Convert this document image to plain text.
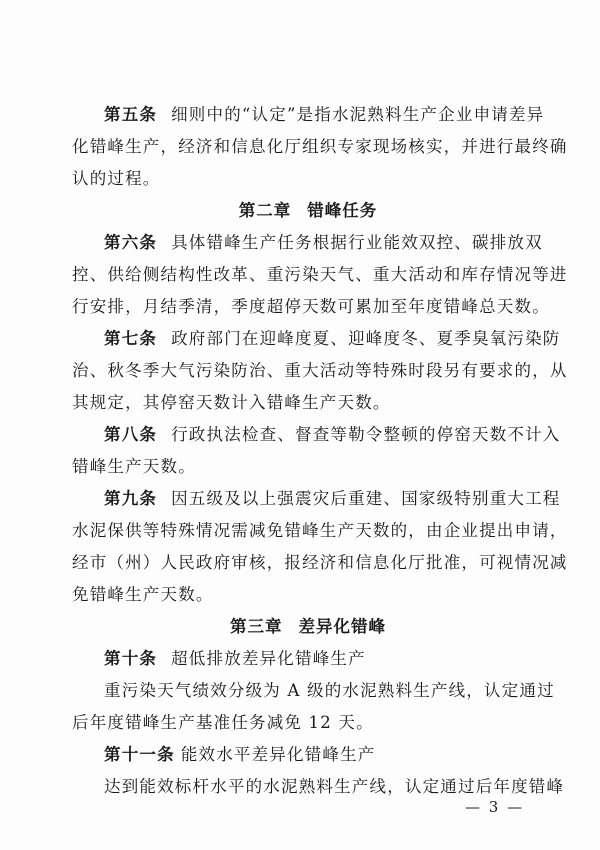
第五条 细则中的“认定”是指水泥熟料生产企业申请差异
化错峰生产，经济和信息化厅组织专家现场核实，并进行最终确
认的过程。
第二章 错峰任务
第六条 具体错峰生产任务根据行业能效双控、碳排放双
控、供给侧结构性改革、重污染天气、重大活动和库存情况等进
行安排，月结季清，季度超停天数可累加至年度错峰总天数。
第七条 政府部门在迎峰度夏、迎峰度冬、夏季臭氧污染防
治、秋冬季大气污染防治、重大活动等特殊时段另有要求的，从
其规定，其停窑天数计入错峰生产天数。
第八条 行政执法检查、督查等勒令整顿的停窑天数不计入
错峰生产天数。
第九条 因五级及以上强震灾后重建、国家级特别重大工程
水泥保供等特殊情况需减免错峰生产天数的，由企业提出申请，
经市（州）人民政府审核，报经济和信息化厅批准，可视情况减
免错峰生产天数。
第三章 差异化错峰
第十条 超低排放差异化错峰生产
重污染天气绩效分级为 A 级的水泥熟料生产线，认定通过
后年度错峰生产基准任务减免 12 天。
第十一条 能效水平差异化错峰生产
达到能效标杆水平的水泥熟料生产线，认定通过后年度错峰
— 3 —
